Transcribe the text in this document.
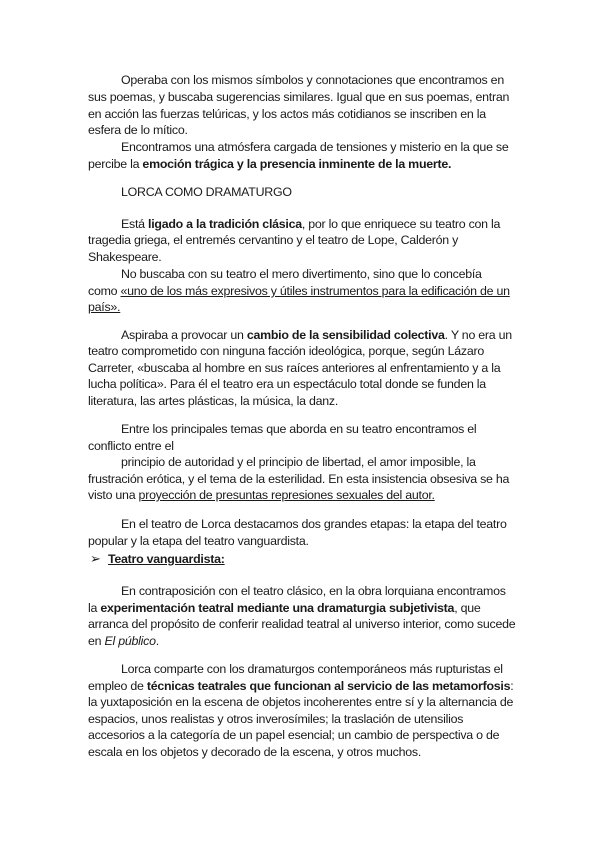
Operaba con los mismos símbolos y connotaciones que encontramos en
sus poemas, y buscaba sugerencias similares. Igual que en sus poemas, entran
en acción las fuerzas telúricas, y los actos más cotidianos se inscriben en la
esfera de lo mítico.
Encontramos una atmósfera cargada de tensiones y misterio en la que se
percibe la emoción trágica y la presencia inminente de la muerte.
LORCA COMO DRAMATURGO
Está ligado a la tradición clásica, por lo que enriquece su teatro con la
tragedia griega, el entremés cervantino y el teatro de Lope, Calderón y
Shakespeare.
No buscaba con su teatro el mero divertimento, sino que lo concebía
como «uno de los más expresivos y útiles instrumentos para la edificación de un
país».
Aspiraba a provocar un cambio de la sensibilidad colectiva. Y no era un
teatro comprometido con ninguna facción ideológica, porque, según Lázaro
Carreter, «buscaba al hombre en sus raíces anteriores al enfrentamiento y a la
lucha política». Para él el teatro era un espectáculo total donde se funden la
literatura, las artes plásticas, la música, la danz.
Entre los principales temas que aborda en su teatro encontramos el
conflicto entre el
principio de autoridad y el principio de libertad, el amor imposible, la
frustración erótica, y el tema de la esterilidad. En esta insistencia obsesiva se ha
visto una proyección de presuntas represiones sexuales del autor.
En el teatro de Lorca destacamos dos grandes etapas: la etapa del teatro
popular y la etapa del teatro vanguardista.
➢ Teatro vanguardista:
En contraposición con el teatro clásico, en la obra lorquiana encontramos
la experimentación teatral mediante una dramaturgia subjetivista, que
arranca del propósito de conferir realidad teatral al universo interior, como sucede
en El público.
Lorca comparte con los dramaturgos contemporáneos más rupturistas el
empleo de técnicas teatrales que funcionan al servicio de las metamorfosis:
la yuxtaposición en la escena de objetos incoherentes entre sí y la alternancia de
espacios, unos realistas y otros inverosímiles; la traslación de utensilios
accesorios a la categoría de un papel esencial; un cambio de perspectiva o de
escala en los objetos y decorado de la escena, y otros muchos.
